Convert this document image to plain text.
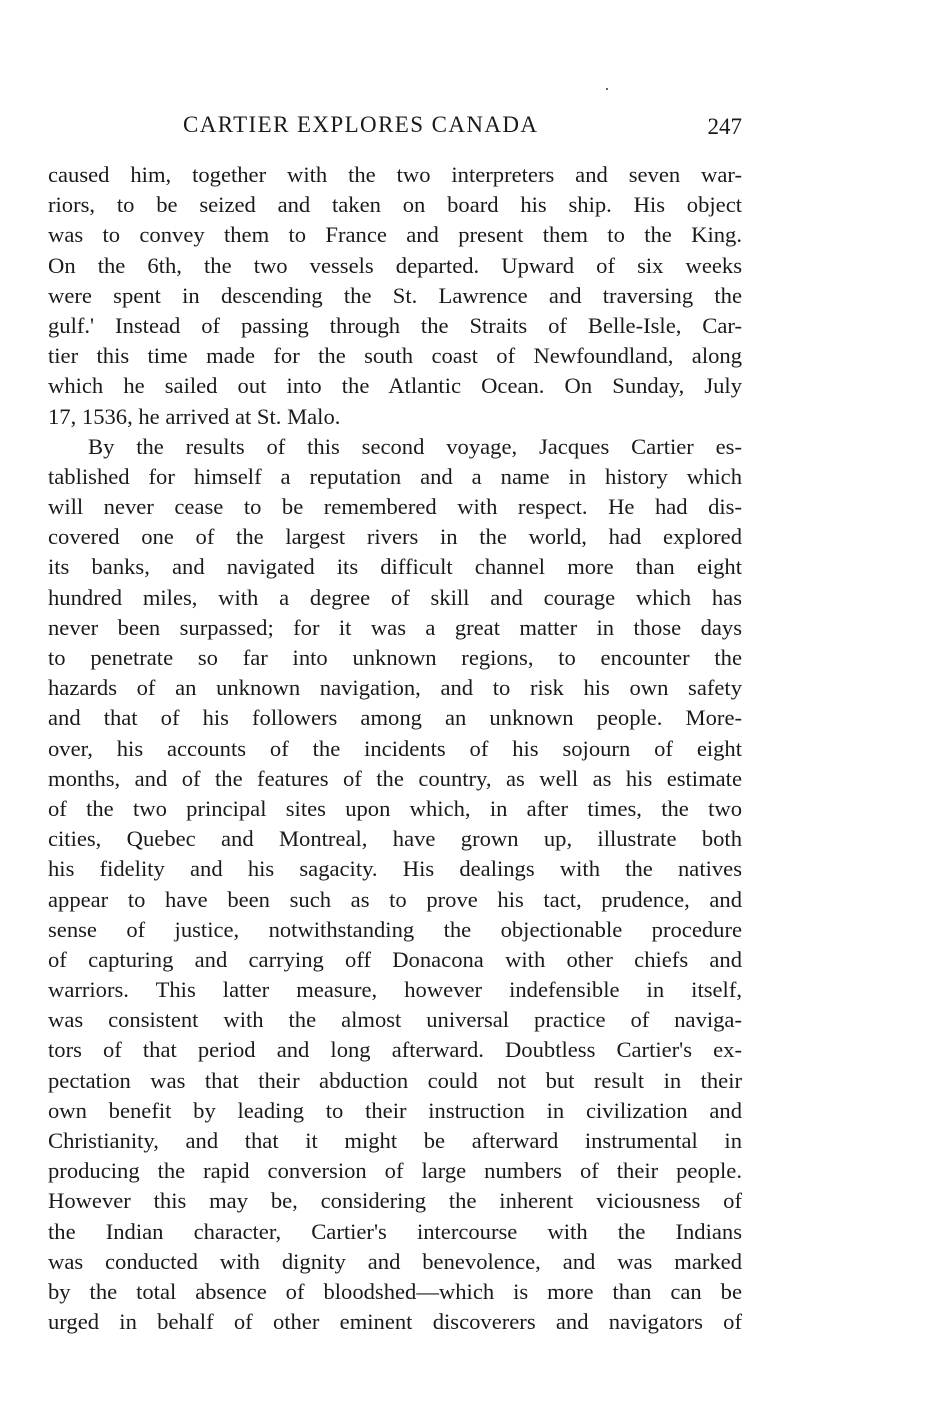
CARTIER EXPLORES CANADA	247
caused him, together with the two interpreters and seven war-
riors, to be seized and taken on board his ship. His object
was to convey them to France and present them to the King.
On the 6th, the two vessels departed. Upward of six weeks
were spent in descending the St. Lawrence and traversing the
gulf.' Instead of passing through the Straits of Belle-Isle, Car-
tier this time made for the south coast of Newfoundland, along
which he sailed out into the Atlantic Ocean. On Sunday, July
17, 1536, he arrived at St. Malo.
By the results of this second voyage, Jacques Cartier es-
tablished for himself a reputation and a name in history which
will never cease to be remembered with respect. He had dis-
covered one of the largest rivers in the world, had explored
its banks, and navigated its difficult channel more than eight
hundred miles, with a degree of skill and courage which has
never been surpassed; for it was a great matter in those days
to penetrate so far into unknown regions, to encounter the
hazards of an unknown navigation, and to risk his own safety
and that of his followers among an unknown people. More-
over, his accounts of the incidents of his sojourn of eight
months, and of the features of the country, as well as his estimate
of the two principal sites upon which, in after times, the two
cities, Quebec and Montreal, have grown up, illustrate both
his fidelity and his sagacity. His dealings with the natives
appear to have been such as to prove his tact, prudence, and
sense of justice, notwithstanding the objectionable procedure
of capturing and carrying off Donacona with other chiefs and
warriors. This latter measure, however indefensible in itself,
was consistent with the almost universal practice of naviga-
tors of that period and long afterward. Doubtless Cartier's ex-
pectation was that their abduction could not but result in their
own benefit by leading to their instruction in civilization and
Christianity, and that it might be afterward instrumental in
producing the rapid conversion of large numbers of their people.
However this may be, considering the inherent viciousness of
the Indian character, Cartier's intercourse with the Indians
was conducted with dignity and benevolence, and was marked
by the total absence of bloodshed—which is more than can be
urged in behalf of other eminent discoverers and navigators of
